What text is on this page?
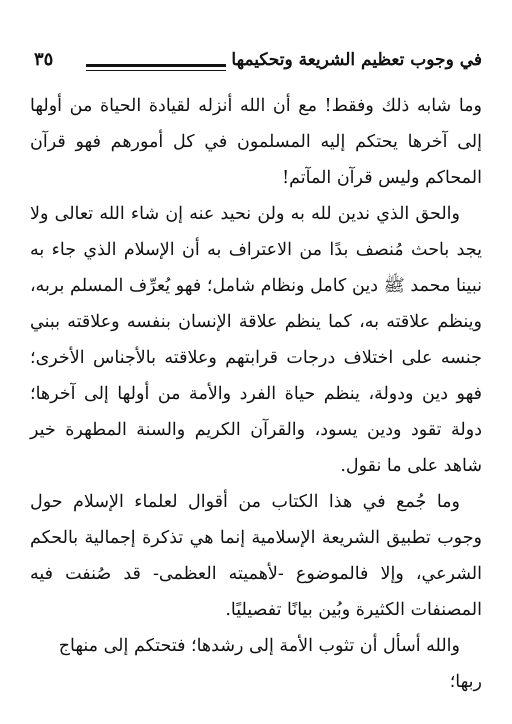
في وجوب تعظيم الشريعة وتحكيمها
٣٥

وما شابه ذلك وفقط! مع أن الله أنزله لقيادة الحياة من أولها إلى آخرها يحتكم إليه المسلمون في كل أمورهم فهو قرآن المحاكم وليس قرآن المآتم!

والحق الذي ندين لله به ولن نحيد عنه إن شاء الله تعالى ولا يجد باحث مُنصف بدًا من الاعتراف به أن الإسلام الذي جاء به نبينا محمد ﷺ دين كامل ونظام شامل؛ فهو يُعرِّف المسلم بربه، وينظم علاقته به، كما ينظم علاقة الإنسان بنفسه وعلاقته ببني جنسه على اختلاف درجات قرابتهم وعلاقته بالأجناس الأخرى؛ فهو دين ودولة، ينظم حياة الفرد والأمة من أولها إلى آخرها؛ دولة تقود ودين يسود، والقرآن الكريم والسنة المطهرة خير شاهد على ما نقول.

وما جُمع في هذا الكتاب من أقوال لعلماء الإسلام حول وجوب تطبيق الشريعة الإسلامية إنما هي تذكرة إجمالية بالحكم الشرعي، وإلا فالموضوع -لأهميته العظمى- قد صُنفت فيه المصنفات الكثيرة وبُين بيانًا تفصيليًا.

والله أسأل أن تثوب الأمة إلى رشدها؛ فتحتكم إلى منهاج ربها؛
